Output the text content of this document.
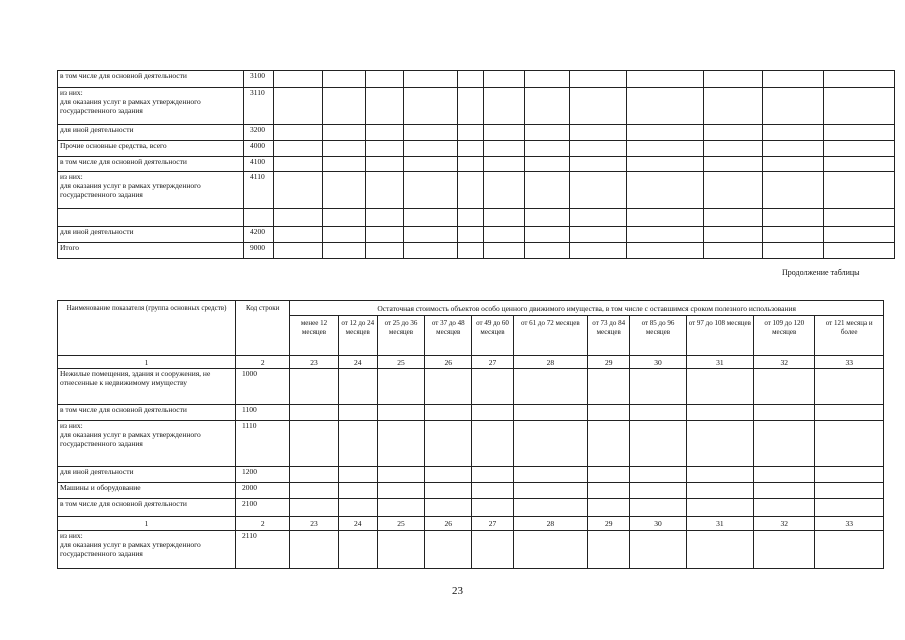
в том числе для основной деятельности	3100												
из них:
для оказания услуг в рамках утвержденного государственного задания	3110												
для иной деятельности	3200												
Прочие основные средства, всего	4000												
в том числе для основной деятельности	4100												
из них:
для оказания услуг в рамках утвержденного государственного задания	4110												

для иной деятельности	4200												
Итого	9000												
Продолжение таблицы
Наименование показателя (группа основных средств)	Код строки	Остаточная стоимость объектов особо ценного движимого имущества, в том числе с оставшимся сроком полезного использования										
		менее 12 месяцев	от 12 до 24 месяцев	от 25 до 36 месяцев	от 37 до 48 месяцев	от 49 до 60 месяцев	от 61 до 72 месяцев	от 73 до 84 месяцев	от 85 до 96 месяцев	от 97 до 108 месяцев	от 109 до 120 месяцев	от 121 месяца и более
1	2	23	24	25	26	27	28	29	30	31	32	33
Нежилые помещения, здания и сооружения, не отнесенные к недвижимому имуществу	1000											
в том числе для основной деятельности	1100											
из них:
для оказания услуг в рамках утвержденного государственного задания	1110											
для иной деятельности	1200											
Машины и оборудование	2000											
в том числе для основной деятельности	2100											
1	2	23	24	25	26	27	28	29	30	31	32	33
из них:
для оказания услуг в рамках утвержденного государственного задания	2110											
23
